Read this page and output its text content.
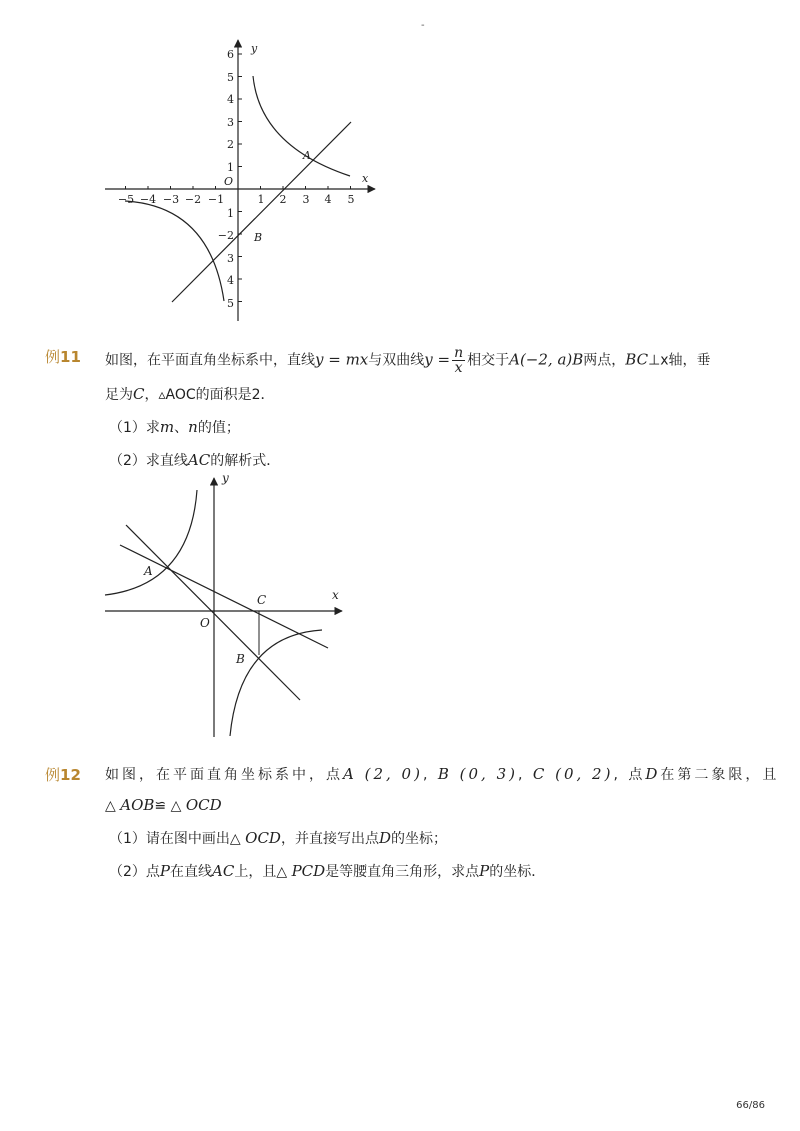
-
−5 −4 −3 −2 −1	1 2 3 4 5
1
2
3
4
5
6
1
−2
3
4
5
x
y
O
A
B
例11 如图，在平面直角坐标系中，直线y = mx与双曲线$y = \frac{n}{x}$ 相交于A(−2, a)B两点，BC⊥x轴，垂
足为C，▵AOC的面积是2．
（1）求m、n的值；
（2）求直线AC的解析式．
x
y
O
A
B
C
例12 如图，在平面直角坐标系中，点A (2, 0), B (0, 3), C (0, 2), 点D在第二象限，且
△ AOB≌ △ OCD
（1）请在图中画出△ OCD，并直接写出点D的坐标；
（2）点P在直线AC上，且△ PCD是等腰直角三角形，求点P的坐标．
66/86
